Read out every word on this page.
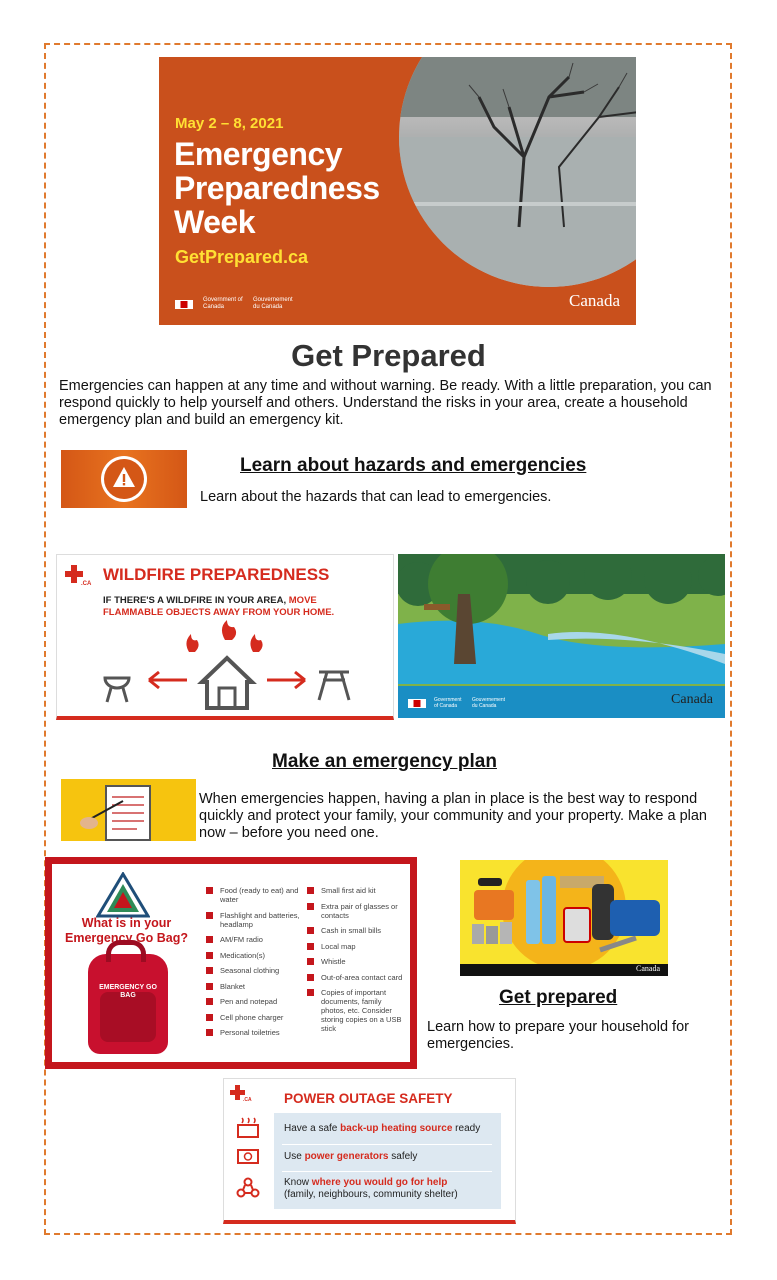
May 2 – 8, 2021
Emergency
Preparedness
Week
GetPrepared.ca
Government of Canada
Gouvernement du Canada	Canada
Get Prepared

Emergencies can happen at any time and without warning. Be ready. With a little preparation, you can respond quickly to help yourself and others. Understand the risks in your area, create a household emergency plan and build an emergency kit.

Learn about hazards and emergencies
Learn about the hazards that can lead to emergencies.
.CA WILDFIRE PREPAREDNESS
IF THERE'S A WILDFIRE IN YOUR AREA, MOVE FLAMMABLE OBJECTS AWAY FROM YOUR HOME.
Government of Canada
Gouvernement du Canada	Canada
Make an emergency plan
When emergencies happen, having a plan in place is the best way to respond quickly and protect your family, your community and your property. Make a plan now – before you need one.
What is in your Emergency Go Bag?
EMERGENCY GO BAG
Food (ready to eat) and water
Flashlight and batteries, headlamp
AM/FM radio
Medication(s)
Seasonal clothing
Blanket
Pen and notepad
Cell phone charger
Personal toiletries
Small first aid kit
Extra pair of glasses or contacts
Cash in small bills
Local map
Whistle
Out-of-area contact card
Copies of important documents, family photos, etc. Consider storing copies on a USB stick
Canada
Get prepared
Learn how to prepare your household for emergencies.
.CA POWER OUTAGE SAFETY
Have a safe back-up heating source ready
Use power generators safely
Know where you would go for help
(family, neighbours, community shelter)
